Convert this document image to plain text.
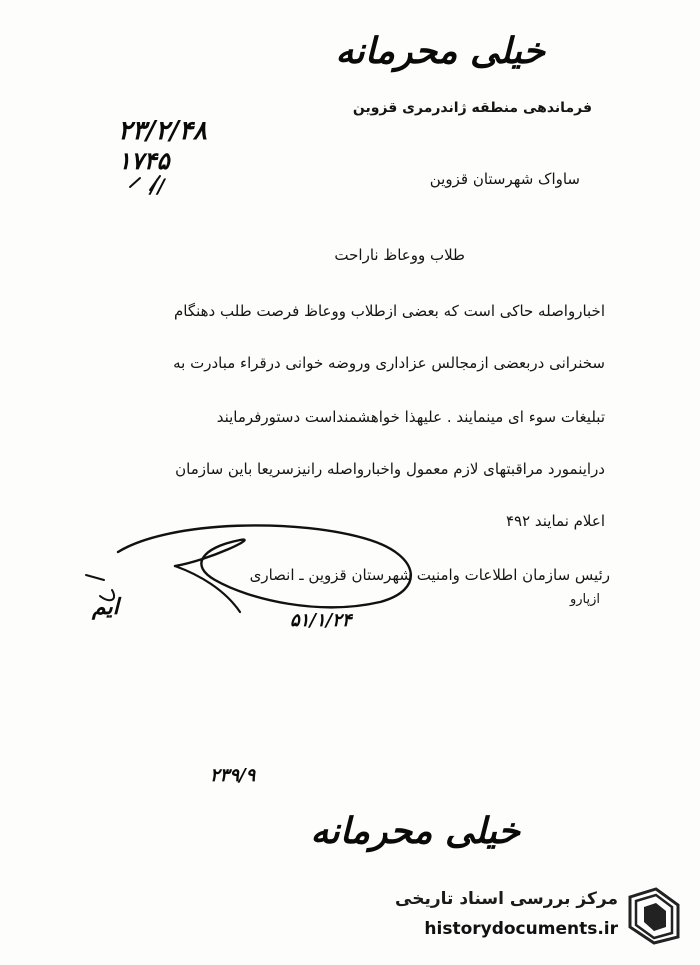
خیلی محرمانه
فرماندهی منطقه ژاندرمری قزوین
۲۳/۲/۴۸
۱۷۴۵
//	ساواک شهرستان قزوین
طلاب ووعاظ ناراحت
اخبارواصله حاکی است که بعضی ازطلاب ووعاظ فرصت طلب دهنگام
سخنرانی دربعضی ازمجالس عزاداری وروضه خوانی درقراء مبادرت به
تبلیغات سوء ای مینمایند . علیهذا خواهشمنداست دستورفرمایند
دراینمورد مراقبتهای لازم معمول واخبارواصله رانیزسریعا باین سازمان
اعلام نمایند ۴۹۲
رئیس سازمان اطلاعات وامنیت شهرستان قزوین ـ انصاری
ازپارو
ایم
۵۱/۱/۲۴
۲۳۹/۹
خیلی محرمانه
مرکز بررسی اسناد تاریخی
historydocuments.ir
